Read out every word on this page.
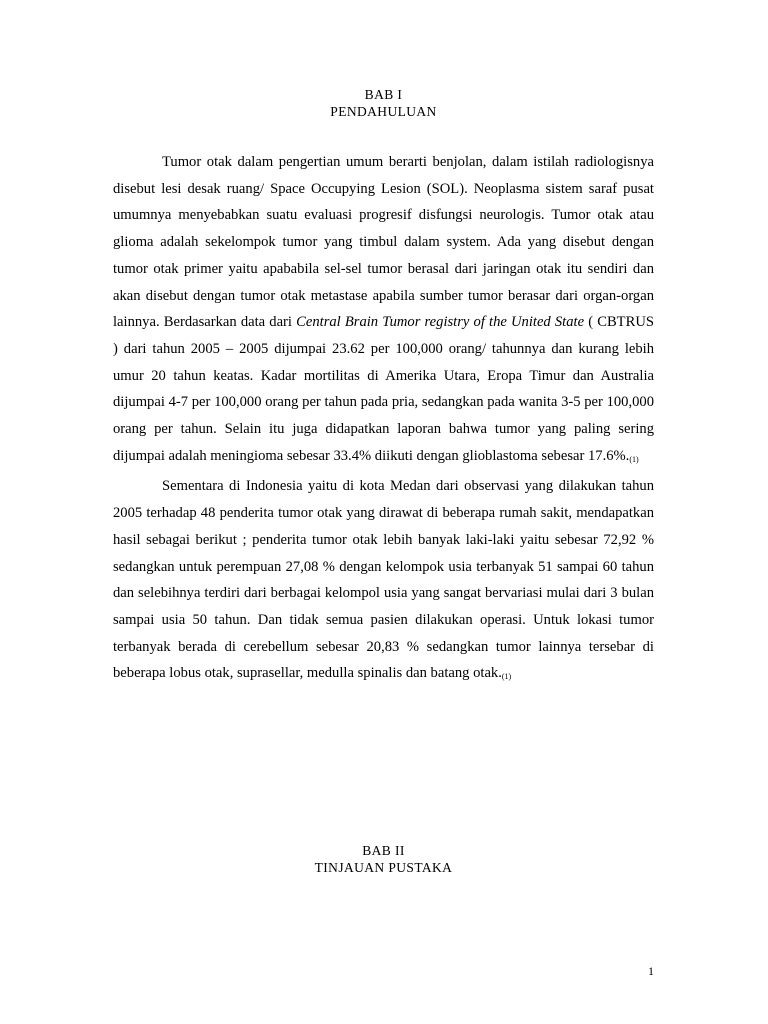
BAB I
PENDAHULUAN

Tumor otak dalam pengertian umum berarti benjolan, dalam istilah radiologisnya disebut lesi desak ruang/ Space Occupying Lesion (SOL). Neoplasma sistem saraf pusat umumnya menyebabkan suatu evaluasi progresif disfungsi neurologis. Tumor otak atau glioma adalah sekelompok tumor yang timbul dalam system. Ada yang disebut dengan tumor otak primer yaitu apababila sel-sel tumor berasal dari jaringan otak itu sendiri dan akan disebut dengan tumor otak metastase apabila sumber tumor berasar dari organ-organ lainnya. Berdasarkan data dari Central Brain Tumor registry of the United State ( CBTRUS ) dari tahun 2005 – 2005 dijumpai 23.62 per 100,000 orang/ tahunnya dan kurang lebih umur 20 tahun keatas. Kadar mortilitas di Amerika Utara, Eropa Timur dan Australia dijumpai 4-7 per 100,000 orang per tahun pada pria, sedangkan pada wanita 3-5 per 100,000 orang per tahun. Selain itu juga didapatkan laporan bahwa tumor yang paling sering dijumpai adalah meningioma sebesar 33.4% diikuti dengan glioblastoma sebesar $17.6\%._{(1)}$

Sementara di Indonesia yaitu di kota Medan dari observasi yang dilakukan tahun 2005 terhadap 48 penderita tumor otak yang dirawat di beberapa rumah sakit, mendapatkan hasil sebagai berikut ; penderita tumor otak lebih banyak laki-laki yaitu sebesar 72,92 % sedangkan untuk perempuan 27,08 % dengan kelompok usia terbanyak 51 sampai 60 tahun dan selebihnya terdiri dari berbagai kelompol usia yang sangat bervariasi mulai dari 3 bulan sampai usia 50 tahun. Dan tidak semua pasien dilakukan operasi. Untuk lokasi tumor terbanyak berada di cerebellum sebesar 20,83 % sedangkan tumor lainnya tersebar di beberapa lobus otak, suprasellar, medulla spinalis dan batang $otak._{(1)}$

BAB II
TINJAUAN PUSTAKA
1
